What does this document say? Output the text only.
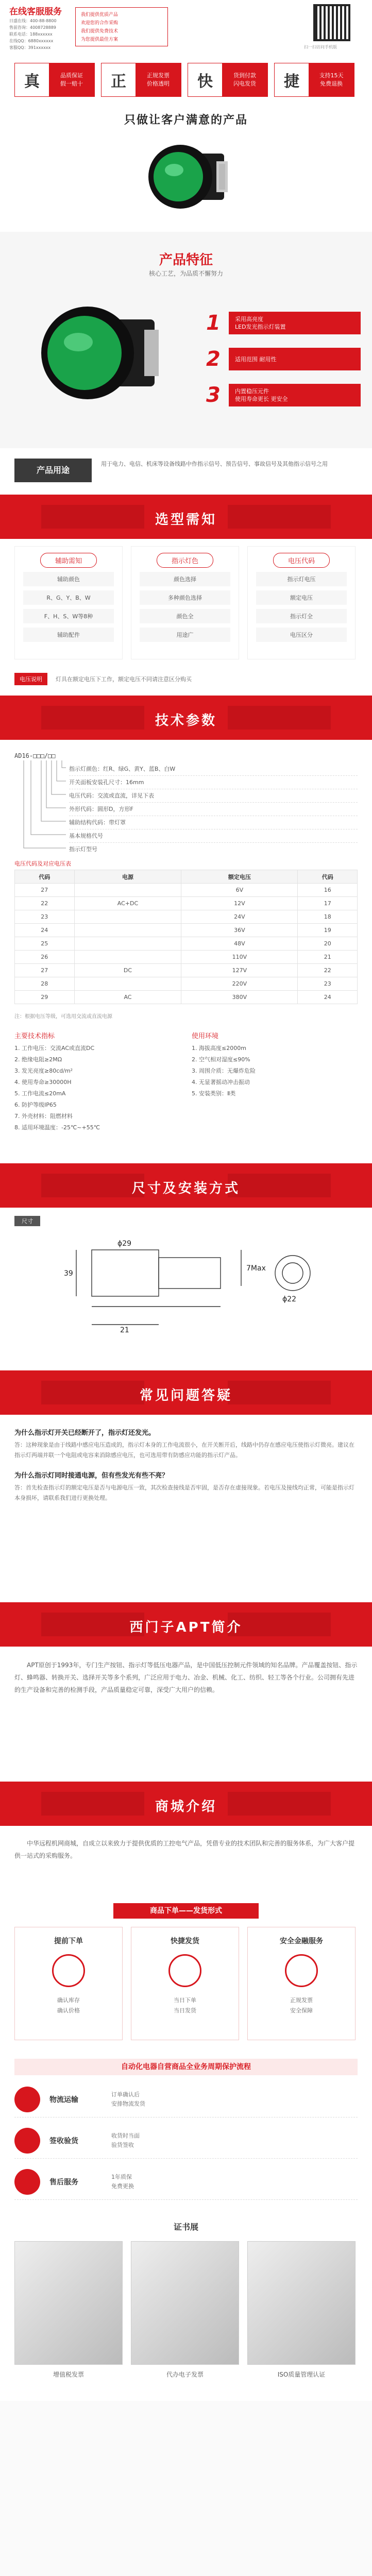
在线客服服务
日盛在线：400-88-8800
售前咨询：4008728889
联系电话：188xxxxxx
在线QQ：6880xxxxxx
客服QQ：391xxxxxx
我们提供优质产品
欢迎您的合作采购
我们提供免费技术
为您提供最佳方案
扫一扫访问手机版
真	品质保证
假一赔十	正	正规发票
价格透明	快	货到付款
闪电发货	捷	支持15天
免费退换
只做让客户满意的产品
产品特征
核心工艺，为品质不懈努力
1	采用高亮度
LED发光指示灯装置
2	适用范围 耐用性
3	内置稳压元件
使用寿命更长 更安全
产品用途
用于电力、电信、机床等设备线路中作指示信号、预告信号、事故信号及其他指示信号之用
选型需知
辅助需知
辅助颜色
R、G、Y、B、W
F、H、S、W等8种
辅助配件
指示灯色
颜色选择
多种颜色选择
颜色全
用途广
电压代码
指示灯电压
额定电压
指示灯全
电压区分
电压说明	灯具在额定电压下工作，额定电压不同请注意区分购买
技术参数
AD16-□□□/□□
指示灯颜色：红R、绿G、黄Y、蓝B、白W
开关面板安装孔尺寸：16mm
电压代码：交流或直流，详见下表
外形代码：圆形D，方形F
辅助结构代码：带灯罩
基本规格代号
指示灯型号
电压代码及对应电压表
代码	电源	额定电压	代码
27		6V	16
22	AC+DC	12V	17
23		24V	18
24		36V	19
25		48V	20
26		110V	21
27	DC	127V	22
28		220V	23
29	AC	380V	24
注：根据电压等级，可选用交流或直流电源
主要技术指标
1. 工作电压：交流AC或直流DC
2. 绝缘电阻≥2MΩ
3. 发光亮度≥80cd/m²
4. 使用寿命≥30000H
5. 工作电流≤20mA
6. 防护等级IP65
7. 外壳材料：阻燃材料
8. 适用环境温度：-25℃~+55℃
使用环境
1. 海拔高度≤2000m
2. 空气相对湿度≤90%
3. 周围介质：无爆炸危险
4. 无显著摇动冲击振动
5. 安装类别：Ⅱ类
尺寸及安装方式
尺寸
ϕ29
39
21
ϕ22
7Max
常见问题答疑
为什么指示灯开关已经断开了，指示灯还发光。
答：这种现象是由于线路中感应电压造成的，指示灯本身的工作电流很小，在开关断开后，线路中仍存在感应电压使指示灯微亮。建议在指示灯两端并联一个电阻或电容来消除感应电压，也可选用带有防感应功能的指示灯产品。
为什么指示灯同时接通电源，但有些发光有些不亮？
答：首先检查指示灯的额定电压是否与电源电压一致，其次检查接线是否牢固，是否存在虚接现象。若电压及接线均正常，可能是指示灯本身损坏，请联系我们进行更换处理。
西门子APT简介
APT原创于1993年，专门生产按钮、指示灯等低压电器产品，是中国低压控制元件领域的知名品牌。产品覆盖按钮、指示灯、蜂鸣器、转换开关、选择开关等多个系列，广泛应用于电力、冶金、机械、化工、纺织、轻工等各个行业。公司拥有先进的生产设备和完善的检测手段，产品质量稳定可靠，深受广大用户的信赖。
商城介绍
中华远程机网商城，自成立以来致力于提供优质的工控电气产品，凭借专业的技术团队和完善的服务体系，为广大客户提供一站式的采购服务。
商品下单——发货形式
提前下单
确认库存
确认价格
快捷发货
当日下单
当日发货
安全金融服务
正规发票
安全保障
自动化电器自营商品全业务周期保护流程
物流运输
订单确认后
安排物流发货
签收验货
收货时当面
验货签收
售后服务
1年质保
免费更换
证书展
增值税发票	代办电子发票	ISO质量管理认证
